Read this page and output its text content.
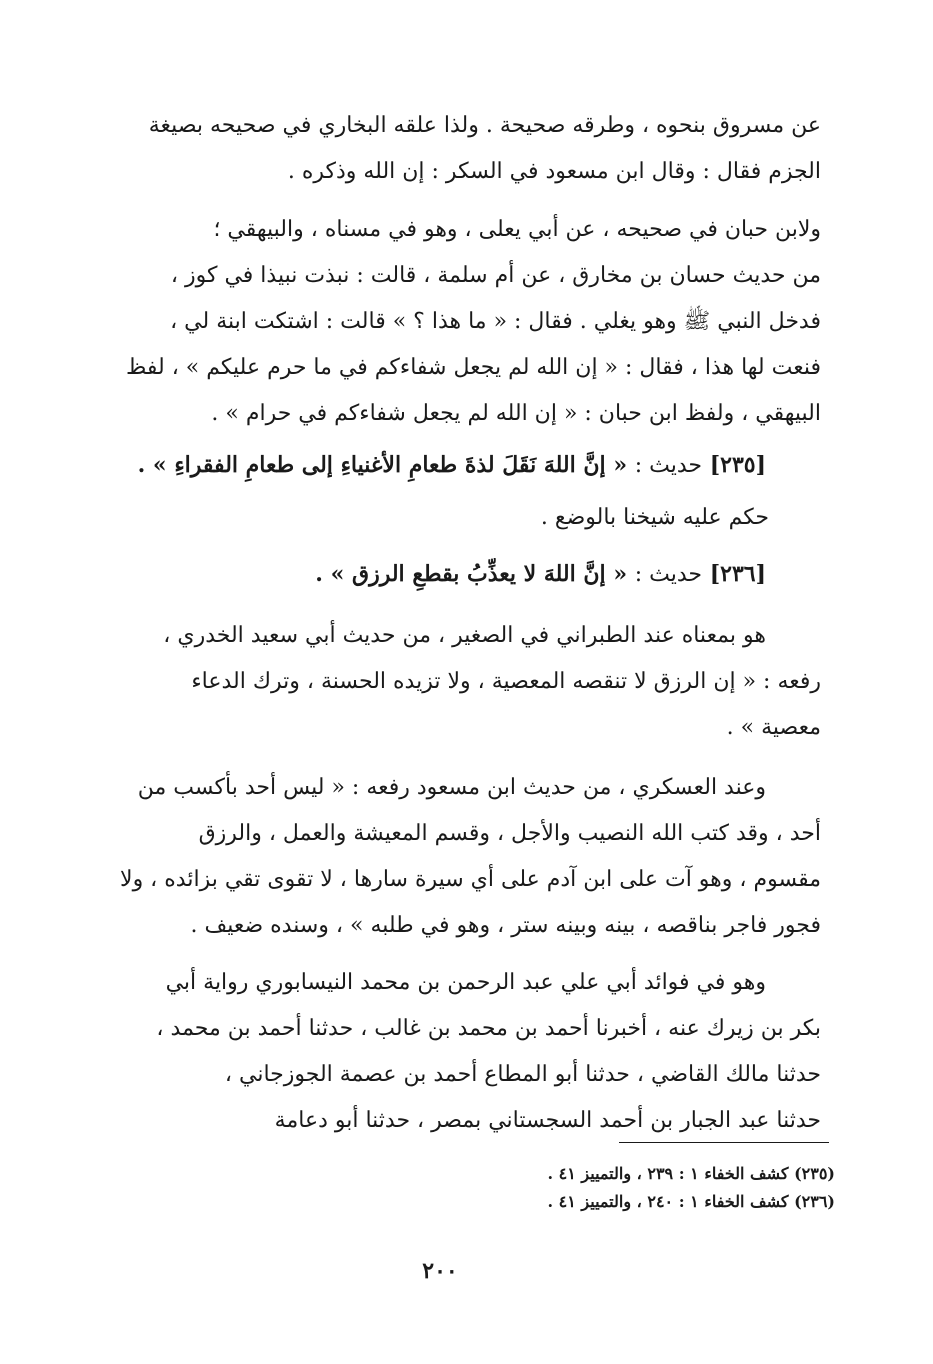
عن مسروق بنحوه ، وطرقه صحيحة . ولذا علقه البخاري في صحيحه بصيغة
الجزم فقال : وقال ابن مسعود في السكر : إن الله وذكره .
ولابن حبان في صحيحه ، عن أبي يعلى ، وهو في مسناه ، والبيهقي ؛
من حديث حسان بن مخارق ، عن أم سلمة ، قالت : نبذت نبيذا في كوز ،
فدخل النبي ﷺ وهو يغلي . فقال : « ما هذا ؟ » قالت : اشتكت ابنة لي ،
فنعت لها هذا ، فقال : « إن الله لم يجعل شفاءكم في ما حرم عليكم » ، لفظ
البيهقي ، ولفظ ابن حبان : « إن الله لم يجعل شفاءكم في حرام » .
[٢٣٥] حديث : « إنَّ اللهَ نَقَلَ لذةَ طعامِ الأغنياءِ إلى طعامِ الفقراءِ » .
حكم عليه شيخنا بالوضع .
[٢٣٦] حديث : « إنَّ اللهَ لا يعذِّبُ بقطعِ الرزق » .
هو بمعناه عند الطبراني في الصغير ، من حديث أبي سعيد الخدري ،
رفعه : « إن الرزق لا تنقصه المعصية ، ولا تزيده الحسنة ، وترك الدعاء
معصية » .
وعند العسكري ، من حديث ابن مسعود رفعه : « ليس أحد بأكسب من
أحد ، وقد كتب الله النصيب والأجل ، وقسم المعيشة والعمل ، والرزق
مقسوم ، وهو آت على ابن آدم على أي سيرة سارها ، لا تقوى تقي بزائده ، ولا
فجور فاجر بناقصه ، بينه وبينه ستر ، وهو في طلبه » ، وسنده ضعيف .
وهو في فوائد أبي علي عبد الرحمن بن محمد النيسابوري رواية أبي
بكر بن زيرك عنه ، أخبرنا أحمد بن محمد بن غالب ، حدثنا أحمد بن محمد ،
حدثنا مالك القاضي ، حدثنا أبو المطاع أحمد بن عصمة الجوزجاني ،
حدثنا عبد الجبار بن أحمد السجستاني بمصر ، حدثنا أبو دعامة
(٢٣٥) كشف الخفاء ١ : ٢٣٩ ، والتمييز ٤١ .
(٢٣٦) كشف الخفاء ١ : ٢٤٠ ، والتمييز ٤١ .
٢٠٠
